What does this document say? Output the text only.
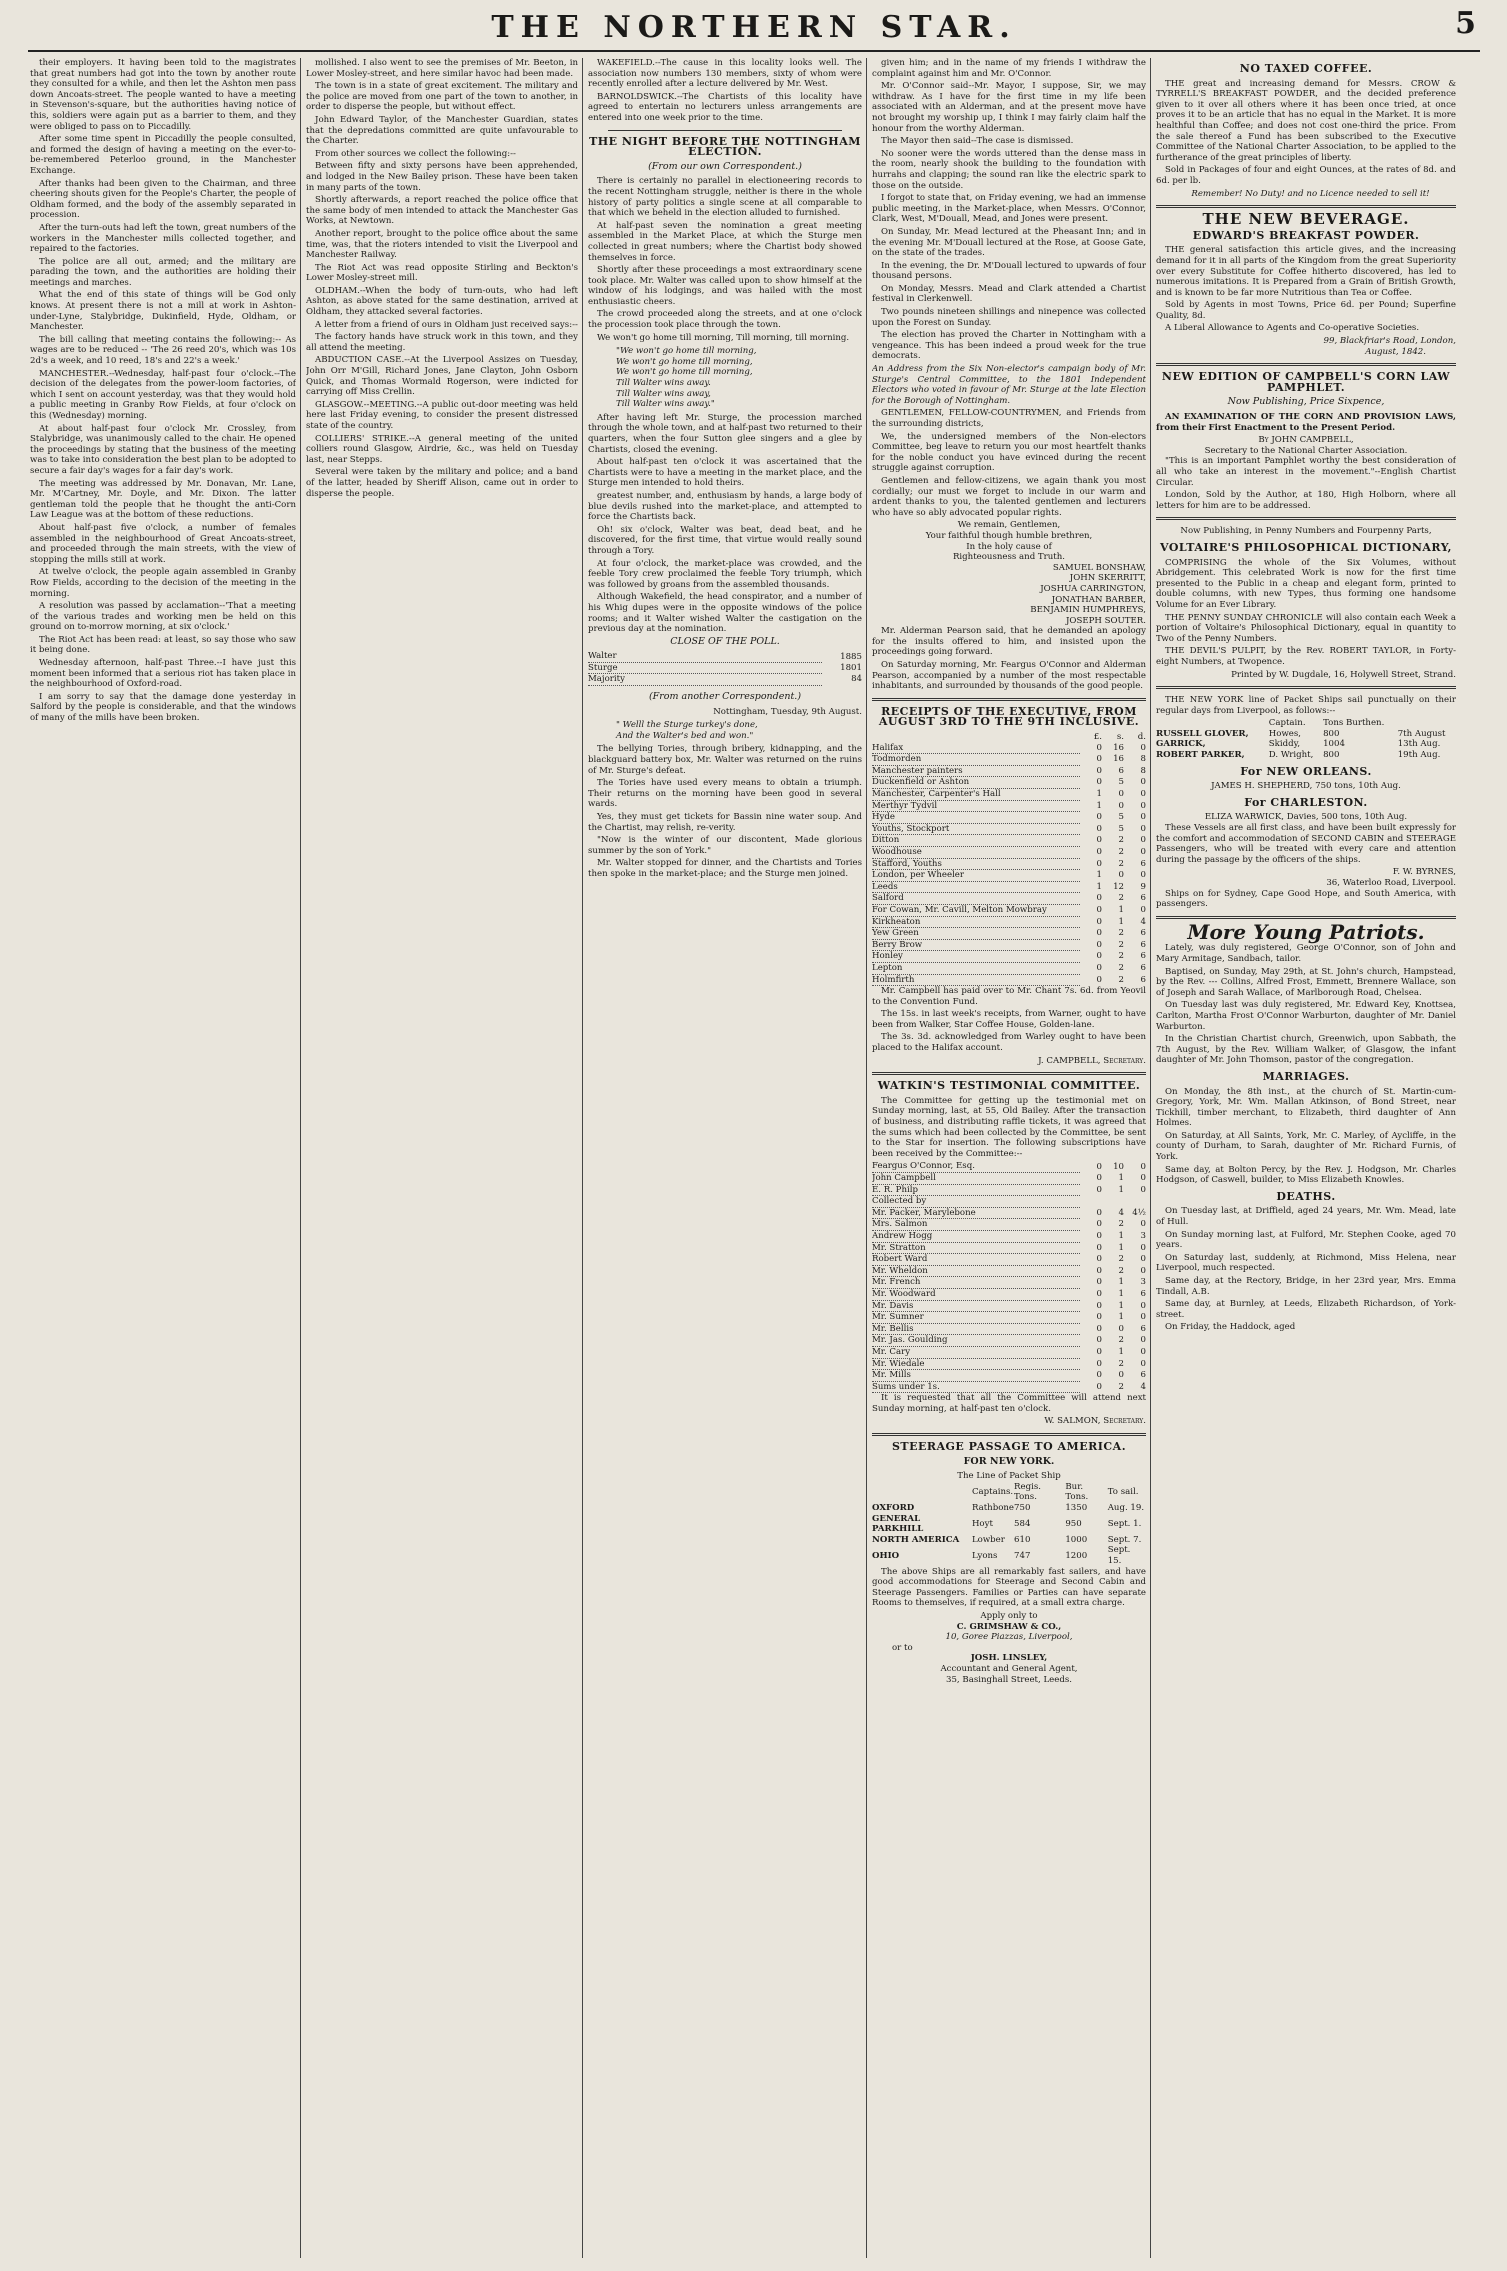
THE NORTHERN STAR.	5

their employers. It having been told to the magistrates that great numbers had got into the town by another route they consulted for a while, and then let the Ashton men pass down Ancoats-street. The people wanted to have a meeting in Stevenson's-square, but the authorities having notice of this, soldiers were again put as a barrier to them, and they were obliged to pass on to Piccadilly.

After some time spent in Piccadilly the people consulted, and formed the design of having a meeting on the ever-to-be-remembered Peterloo ground, in the Manchester Exchange.

After thanks had been given to the Chairman, and three cheering shouts given for the People's Charter, the people of Oldham formed, and the body of the assembly separated in procession.

After the turn-outs had left the town, great numbers of the workers in the Manchester mills collected together, and repaired to the factories.

The police are all out, armed; and the military are parading the town, and the authorities are holding their meetings and marches.

What the end of this state of things will be God only knows. At present there is not a mill at work in Ashton-under-Lyne, Stalybridge, Dukinfield, Hyde, Oldham, or Manchester.

The bill calling that meeting contains the following:-- As wages are to be reduced -- 'The 26 reed 20's, which was 10s 2d's a week, and 10 reed, 18's and 22's a week.'

MANCHESTER.--Wednesday, half-past four o'clock.--The decision of the delegates from the power-loom factories, of which I sent on account yesterday, was that they would hold a public meeting in Granby Row Fields, at four o'clock on this (Wednesday) morning.

At about half-past four o'clock Mr. Crossley, from Stalybridge, was unanimously called to the chair. He opened the proceedings by stating that the business of the meeting was to take into consideration the best plan to be adopted to secure a fair day's wages for a fair day's work.

The meeting was addressed by Mr. Donavan, Mr. Lane, Mr. M'Cartney, Mr. Doyle, and Mr. Dixon. The latter gentleman told the people that he thought the anti-Corn Law League was at the bottom of these reductions.

About half-past five o'clock, a number of females assembled in the neighbourhood of Great Ancoats-street, and proceeded through the main streets, with the view of stopping the mills still at work.

At twelve o'clock, the people again assembled in Granby Row Fields, according to the decision of the meeting in the morning.

A resolution was passed by acclamation--'That a meeting of the various trades and working men be held on this ground on to-morrow morning, at six o'clock.'

The Riot Act has been read: at least, so say those who saw it being done.

Wednesday afternoon, half-past Three.--I have just this moment been informed that a serious riot has taken place in the neighbourhood of Oxford-road.

I am sorry to say that the damage done yesterday in Salford by the people is considerable, and that the windows of many of the mills have been broken.

mollished. I also went to see the premises of Mr. Beeton, in Lower Mosley-street, and here similar havoc had been made.

The town is in a state of great excitement. The military and the police are moved from one part of the town to another, in order to disperse the people, but without effect.

John Edward Taylor, of the Manchester Guardian, states that the depredations committed are quite unfavourable to the Charter.

From other sources we collect the following:--

Between fifty and sixty persons have been apprehended, and lodged in the New Bailey prison. These have been taken in many parts of the town.

Shortly afterwards, a report reached the police office that the same body of men intended to attack the Manchester Gas Works, at Newtown.

Another report, brought to the police office about the same time, was, that the rioters intended to visit the Liverpool and Manchester Railway.

The Riot Act was read opposite Stirling and Beckton's Lower Mosley-street mill.

OLDHAM.--When the body of turn-outs, who had left Ashton, as above stated for the same destination, arrived at Oldham, they attacked several factories.

A letter from a friend of ours in Oldham just received says:--

The factory hands have struck work in this town, and they all attend the meeting.

ABDUCTION CASE.--At the Liverpool Assizes on Tuesday, John Orr M'Gill, Richard Jones, Jane Clayton, John Osborn Quick, and Thomas Wormald Rogerson, were indicted for carrying off Miss Crellin.

GLASGOW.--MEETING.--A public out-door meeting was held here last Friday evening, to consider the present distressed state of the country.

COLLIERS' STRIKE.--A general meeting of the united colliers round Glasgow, Airdrie, &c., was held on Tuesday last, near Stepps.

Several were taken by the military and police; and a band of the latter, headed by Sheriff Alison, came out in order to disperse the people.

WAKEFIELD.--The cause in this locality looks well. The association now numbers 130 members, sixty of whom were recently enrolled after a lecture delivered by Mr. West.

BARNOLDSWICK.--The Chartists of this locality have agreed to entertain no lecturers unless arrangements are entered into one week prior to the time.

THE NIGHT BEFORE THE NOTTINGHAM ELECTION.
(From our own Correspondent.)

There is certainly no parallel in electioneering records to the recent Nottingham struggle, neither is there in the whole history of party politics a single scene at all comparable to that which we beheld in the election alluded to furnished.

At half-past seven the nomination a great meeting assembled in the Market Place, at which the Sturge men collected in great numbers; where the Chartist body showed themselves in force.

Shortly after these proceedings a most extraordinary scene took place. Mr. Walter was called upon to show himself at the window of his lodgings, and was hailed with the most enthusiastic cheers.

The crowd proceeded along the streets, and at one o'clock the procession took place through the town.

We won't go home till morning, Till morning, till morning.

"We won't go home till morning,
We won't go home till morning,
We won't go home till morning,
Till Walter wins away.
Till Walter wins away,
Till Walter wins away."

After having left Mr. Sturge, the procession marched through the whole town, and at half-past two returned to their quarters, when the four Sutton glee singers and a glee by Chartists, closed the evening.

About half-past ten o'clock it was ascertained that the Chartists were to have a meeting in the market place, and the Sturge men intended to hold theirs.

greatest number, and, enthusiasm by hands, a large body of blue devils rushed into the market-place, and attempted to force the Chartists back.

Oh! six o'clock, Walter was beat, dead beat, and he discovered, for the first time, that virtue would really sound through a Tory.

At four o'clock, the market-place was crowded, and the feeble Tory crew proclaimed the feeble Tory triumph, which was followed by groans from the assembled thousands.

Although Wakefield, the head conspirator, and a number of his Whig dupes were in the opposite windows of the police rooms; and it Walter wished Walter the castigation on the previous day at the nomination.

CLOSE OF THE POLL.
Walter	1885
Sturge	1801
Majority	84
(From another Correspondent.)

Nottingham, Tuesday, 9th August.

" Welll the Sturge turkey's done,
And the Walter's bed and won."

The bellying Tories, through bribery, kidnapping, and the blackguard battery box, Mr. Walter was returned on the ruins of Mr. Sturge's defeat.

The Tories have used every means to obtain a triumph. Their returns on the morning have been good in several wards.

Yes, they must get tickets for Bassin nine water soup. And the Chartist, may relish, re-verity.

"Now is the winter of our discontent, Made glorious summer by the son of York."

Mr. Walter stopped for dinner, and the Chartists and Tories then spoke in the market-place; and the Sturge men joined.

given him; and in the name of my friends I withdraw the complaint against him and Mr. O'Connor.

Mr. O'Connor said--Mr. Mayor, I suppose, Sir, we may withdraw. As I have for the first time in my life been associated with an Alderman, and at the present move have not brought my worship up, I think I may fairly claim half the honour from the worthy Alderman.

The Mayor then said--The case is dismissed.

No sooner were the words uttered than the dense mass in the room, nearly shook the building to the foundation with hurrahs and clapping; the sound ran like the electric spark to those on the outside.

I forgot to state that, on Friday evening, we had an immense public meeting, in the Market-place, when Messrs. O'Connor, Clark, West, M'Douall, Mead, and Jones were present.

On Sunday, Mr. Mead lectured at the Pheasant Inn; and in the evening Mr. M'Douall lectured at the Rose, at Goose Gate, on the state of the trades.

In the evening, the Dr. M'Douall lectured to upwards of four thousand persons.

On Monday, Messrs. Mead and Clark attended a Chartist festival in Clerkenwell.

Two pounds nineteen shillings and ninepence was collected upon the Forest on Sunday.

The election has proved the Charter in Nottingham with a vengeance. This has been indeed a proud week for the true democrats.

An Address from the Six Non-elector's campaign body of Mr. Sturge's Central Committee, to the 1801 Independent Electors who voted in favour of Mr. Sturge at the late Election for the Borough of Nottingham.

GENTLEMEN, FELLOW-COUNTRYMEN, and Friends from the surrounding districts,

We, the undersigned members of the Non-electors Committee, beg leave to return you our most heartfelt thanks for the noble conduct you have evinced during the recent struggle against corruption.

Gentlemen and fellow-citizens, we again thank you most cordially; our must we forget to include in our warm and ardent thanks to you, the talented gentlemen and lecturers who have so ably advocated popular rights.

We remain, Gentlemen,
Your faithful though humble brethren,
In the holy cause of
Righteousness and Truth.
SAMUEL BONSHAW,
JOHN SKERRITT,
JOSHUA CARRINGTON,
JONATHAN BARBER,
BENJAMIN HUMPHREYS,
JOSEPH SOUTER.

Mr. Alderman Pearson said, that he demanded an apology for the insults offered to him, and insisted upon the proceedings going forward.

On Saturday morning, Mr. Feargus O'Connor and Alderman Pearson, accompanied by a number of the most respectable inhabitants, and surrounded by thousands of the good people.

RECEIPTS OF THE EXECUTIVE, FROM AUGUST 3RD TO THE 9TH INCLUSIVE.
	£.	s.	d.
Halifax	0	16	0
Todmorden	0	16	8
Manchester painters	0	6	8
Duckenfield or Ashton	0	5	0
Manchester, Carpenter's Hall	1	0	0
Merthyr Tydvil	1	0	0
Hyde	0	5	0
Youths, Stockport	0	5	0
Ditton	0	2	0
Woodhouse	0	2	0
Stafford, Youths	0	2	6
London, per Wheeler	1	0	0
Leeds	1	12	9
Salford	0	2	6
For Cowan, Mr. Cavill, Melton Mowbray	0	1	0
Kirkheaton	0	1	4
Yew Green	0	2	6
Berry Brow	0	2	6
Honley	0	2	6
Lepton	0	2	6
Holmfirth	0	2	6

Mr. Campbell has paid over to Mr. Chant 7s. 6d. from Yeovil to the Convention Fund.

The 15s. in last week's receipts, from Warner, ought to have been from Walker, Star Coffee House, Golden-lane.

The 3s. 3d. acknowledged from Warley ought to have been placed to the Halifax account.

J. CAMPBELL, Secretary.

WATKIN'S TESTIMONIAL COMMITTEE.

The Committee for getting up the testimonial met on Sunday morning, last, at 55, Old Bailey. After the transaction of business, and distributing raffle tickets, it was agreed that the sums which had been collected by the Committee, be sent to the Star for insertion. The following subscriptions have been received by the Committee:--

Feargus O'Connor, Esq.	0	10	0
John Campbell	0	1	0
E. R. Philp	0	1	0
Collected by			
Mr. Packer, Marylebone	0	4	4½
Mrs. Salmon	0	2	0
Andrew Hogg	0	1	3
Mr. Stratton	0	1	0
Robert Ward	0	2	0
Mr. Wheldon	0	2	0
Mr. French	0	1	3
Mr. Woodward	0	1	6
Mr. Davis	0	1	0
Mr. Sumner	0	1	0
Mr. Bellis	0	0	6
Mr. Jas. Goulding	0	2	0
Mr. Cary	0	1	0
Mr. Wiedale	0	2	0
Mr. Mills	0	0	6
Sums under 1s.	0	2	4

It is requested that all the Committee will attend next Sunday morning, at half-past ten o'clock.

W. SALMON, Secretary.

STEERAGE PASSAGE TO AMERICA.
FOR NEW YORK.
The Line of Packet Ship
	Captains.	Regis. Tons.	Bur. Tons.	To sail.
OXFORD	Rathbone	750	1350	Aug. 19.
GENERAL PARKHILL	Hoyt	584	950	Sept. 1.
NORTH AMERICA	Lowber	610	1000	Sept. 7.
OHIO	Lyons	747	1200	Sept. 15.

The above Ships are all remarkably fast sailers, and have good accommodations for Steerage and Second Cabin and Steerage Passengers. Families or Parties can have separate Rooms to themselves, if required, at a small extra charge.

Apply only to
C. GRIMSHAW & CO.,
10, Goree Piazzas, Liverpool,
or to
JOSH. LINSLEY,
Accountant and General Agent,
35, Basinghall Street, Leeds.
NO TAXED COFFEE.

THE great and increasing demand for Messrs. CROW & TYRRELL'S BREAKFAST POWDER, and the decided preference given to it over all others where it has been once tried, at once proves it to be an article that has no equal in the Market. It is more healthful than Coffee; and does not cost one-third the price. From the sale thereof a Fund has been subscribed to the Executive Committee of the National Charter Association, to be applied to the furtherance of the great principles of liberty.

Sold in Packages of four and eight Ounces, at the rates of 8d. and 6d. per lb.

Remember! No Duty! and no Licence needed to sell it!

THE NEW BEVERAGE.
EDWARD'S BREAKFAST POWDER.

THE general satisfaction this article gives, and the increasing demand for it in all parts of the Kingdom from the great Superiority over every Substitute for Coffee hitherto discovered, has led to numerous imitations. It is Prepared from a Grain of British Growth, and is known to be far more Nutritious than Tea or Coffee.

Sold by Agents in most Towns, Price 6d. per Pound; Superfine Quality, 8d.

A Liberal Allowance to Agents and Co-operative Societies.

99, Blackfriar's Road, London,
August, 1842.
NEW EDITION OF CAMPBELL'S CORN LAW PAMPHLET.
Now Publishing, Price Sixpence,

AN EXAMINATION OF THE CORN AND PROVISION LAWS, from their First Enactment to the Present Period.

By JOHN CAMPBELL,
Secretary to the National Charter Association.

"This is an important Pamphlet worthy the best consideration of all who take an interest in the movement."--English Chartist Circular.

London, Sold by the Author, at 180, High Holborn, where all letters for him are to be addressed.

Now Publishing, in Penny Numbers and Fourpenny Parts,
VOLTAIRE'S PHILOSOPHICAL DICTIONARY,

COMPRISING the whole of the Six Volumes, without Abridgement. This celebrated Work is now for the first time presented to the Public in a cheap and elegant form, printed to double columns, with new Types, thus forming one handsome Volume for an Ever Library.

THE PENNY SUNDAY CHRONICLE will also contain each Week a portion of Voltaire's Philosophical Dictionary, equal in quantity to Two of the Penny Numbers.

THE DEVIL'S PULPIT, by the Rev. ROBERT TAYLOR, in Forty-eight Numbers, at Twopence.

Printed by W. Dugdale, 16, Holywell Street, Strand.

THE NEW YORK line of Packet Ships sail punctually on their regular days from Liverpool, as follows:--

	Captain.	Tons Burthen.	
RUSSELL GLOVER,	Howes,	800	7th August
GARRICK,	Skiddy,	1004	13th Aug.
ROBERT PARKER,	D. Wright,	800	19th Aug.
For NEW ORLEANS.
JAMES H. SHEPHERD, 750 tons, 10th Aug.
For CHARLESTON.
ELIZA WARWICK, Davies, 500 tons, 10th Aug.

These Vessels are all first class, and have been built expressly for the comfort and accommodation of SECOND CABIN and STEERAGE Passengers, who will be treated with every care and attention during the passage by the officers of the ships.

F. W. BYRNES,
36, Waterloo Road, Liverpool.

Ships on for Sydney, Cape Good Hope, and South America, with passengers.

More Young Patriots.

Lately, was duly registered, George O'Connor, son of John and Mary Armitage, Sandbach, tailor.

Baptised, on Sunday, May 29th, at St. John's church, Hampstead, by the Rev. --- Collins, Alfred Frost, Emmett, Brennere Wallace, son of Joseph and Sarah Wallace, of Marlborough Road, Chelsea.

On Tuesday last was duly registered, Mr. Edward Key, Knottsea, Carlton, Martha Frost O'Connor Warburton, daughter of Mr. Daniel Warburton.

In the Christian Chartist church, Greenwich, upon Sabbath, the 7th August, by the Rev. William Walker, of Glasgow, the infant daughter of Mr. John Thomson, pastor of the congregation.

MARRIAGES.

On Monday, the 8th inst., at the church of St. Martin-cum-Gregory, York, Mr. Wm. Mallan Atkinson, of Bond Street, near Tickhill, timber merchant, to Elizabeth, third daughter of Ann Holmes.

On Saturday, at All Saints, York, Mr. C. Marley, of Aycliffe, in the county of Durham, to Sarah, daughter of Mr. Richard Furnis, of York.

Same day, at Bolton Percy, by the Rev. J. Hodgson, Mr. Charles Hodgson, of Caswell, builder, to Miss Elizabeth Knowles.

DEATHS.

On Tuesday last, at Driffield, aged 24 years, Mr. Wm. Mead, late of Hull.

On Sunday morning last, at Fulford, Mr. Stephen Cooke, aged 70 years.

On Saturday last, suddenly, at Richmond, Miss Helena, near Liverpool, much respected.

Same day, at the Rectory, Bridge, in her 23rd year, Mrs. Emma Tindall, A.B.

Same day, at Burnley, at Leeds, Elizabeth Richardson, of York-street.

On Friday, the Haddock, aged
